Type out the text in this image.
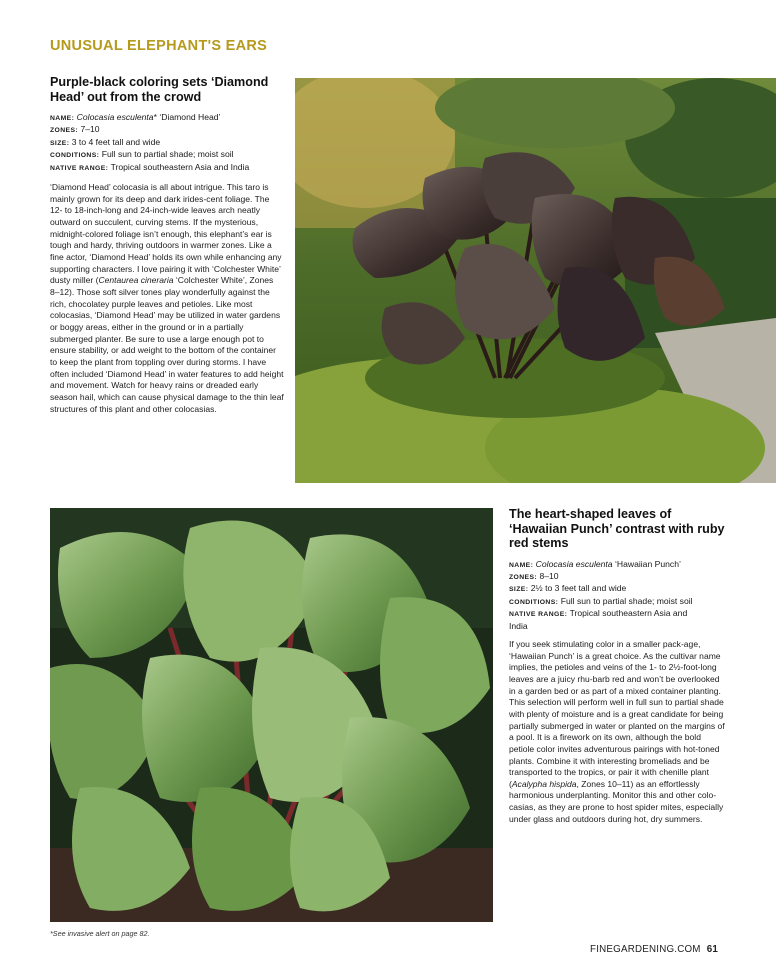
UNUSUAL ELEPHANT'S EARS
Purple-black coloring sets ‘Diamond Head’ out from the crowd

NAME: Colocasia esculenta* ‘Diamond Head’

ZONES: 7–10

SIZE: 3 to 4 feet tall and wide

CONDITIONS: Full sun to partial shade; moist soil

NATIVE RANGE: Tropical southeastern Asia and India

‘Diamond Head’ colocasia is all about intrigue. This taro is mainly grown for its deep and dark irides-cent foliage. The 12- to 18-inch-long and 24-inch-wide leaves arch neatly outward on succulent, curving stems. If the mysterious, midnight-colored foliage isn’t enough, this elephant’s ear is tough and hardy, thriving outdoors in warmer zones. Like a fine actor, ‘Diamond Head’ holds its own while enhancing any supporting characters. I love pairing it with ‘Colchester White’ dusty miller (Centaurea cineraria ‘Colchester White’, Zones 8–12). Those soft silver tones play wonderfully against the rich, chocolatey purple leaves and petioles. Like most colocasias, ‘Diamond Head’ may be utilized in water gardens or boggy areas, either in the ground or in a partially submerged planter. Be sure to use a large enough pot to ensure stability, or add weight to the bottom of the container to keep the plant from toppling over during storms. I have often included ‘Diamond Head’ in water features to add height and movement. Watch for heavy rains or dreaded early season hail, which can cause physical damage to the thin leaf structures of this plant and other colocasias.
The heart-shaped leaves of ‘Hawaiian Punch’ contrast with ruby red stems

NAME: Colocasia esculenta ‘Hawaiian Punch’

ZONES: 8–10

SIZE: 2½ to 3 feet tall and wide

CONDITIONS: Full sun to partial shade; moist soil

NATIVE RANGE: Tropical southeastern Asia and India

If you seek stimulating color in a smaller pack-age, ‘Hawaiian Punch’ is a great choice. As the cultivar name implies, the petioles and veins of the 1- to 2½-foot-long leaves are a juicy rhu-barb red and won’t be overlooked in a garden bed or as part of a mixed container planting. This selection will perform well in full sun to partial shade with plenty of moisture and is a great candidate for being partially submerged in water or planted on the margins of a pool. It is a firework on its own, although the bold petiole color invites adventurous pairings with hot-toned plants. Combine it with interesting bromeliads and be transported to the tropics, or pair it with chenille plant (Acalypha hispida, Zones 10–11) as an effortlessly harmonious underplanting. Monitor this and other colo-casias, as they are prone to host spider mites, especially under glass and outdoors during hot, dry summers.
*See invasive alert on page 82.
FINEGARDENING.COM 61
